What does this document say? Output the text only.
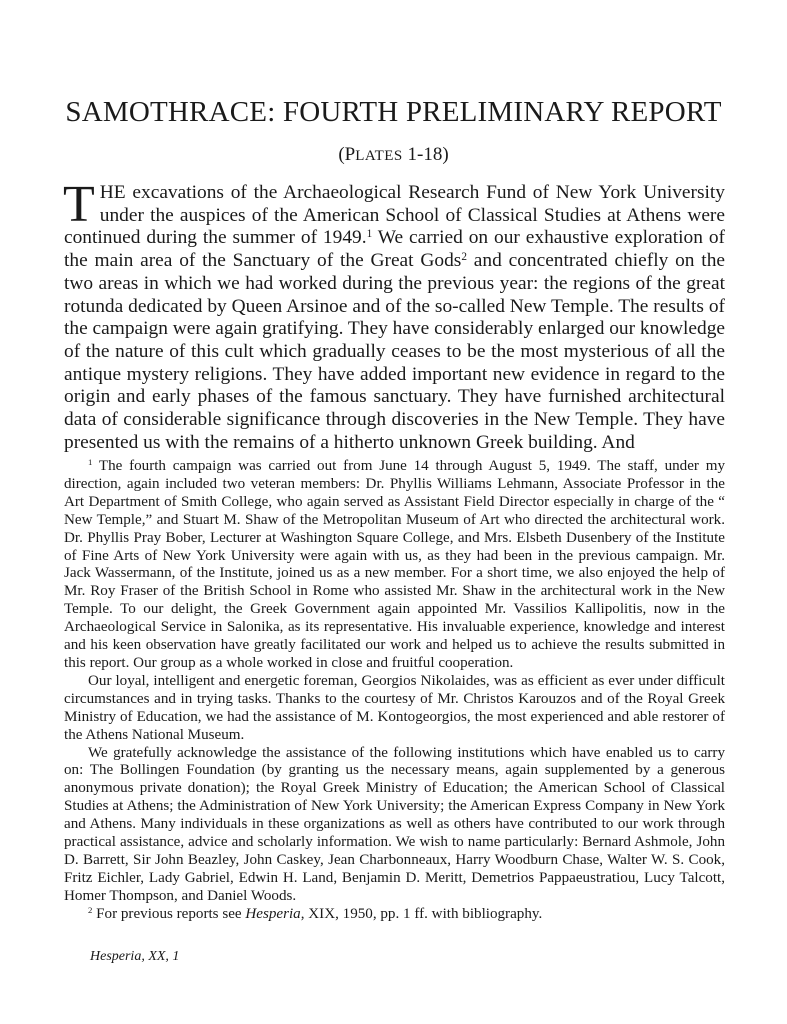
SAMOTHRACE: FOURTH PRELIMINARY REPORT
(PLATES 1-18)

THE excavations of the Archaeological Research Fund of New York University under the auspices of the American School of Classical Studies at Athens were continued during the summer of 1949.$^1$ We carried on our exhaustive exploration of the main area of the Sanctuary of the Great Gods$^2$ and concentrated chiefly on the two areas in which we had worked during the previous year: the regions of the great rotunda dedicated by Queen Arsinoe and of the so-called New Temple. The results of the campaign were again gratifying. They have considerably enlarged our knowledge of the nature of this cult which gradually ceases to be the most mysterious of all the antique mystery religions. They have added important new evidence in regard to the origin and early phases of the famous sanctuary. They have furnished architectural data of considerable significance through discoveries in the New Temple. They have presented us with the remains of a hitherto unknown Greek building. And

$^1$ The fourth campaign was carried out from June 14 through August 5, 1949. The staff, under my direction, again included two veteran members: Dr. Phyllis Williams Lehmann, Associate Professor in the Art Department of Smith College, who again served as Assistant Field Director especially in charge of the “ New Temple,” and Stuart M. Shaw of the Metropolitan Museum of Art who directed the architectural work. Dr. Phyllis Pray Bober, Lecturer at Washington Square College, and Mrs. Elsbeth Dusenbery of the Institute of Fine Arts of New York University were again with us, as they had been in the previous campaign. Mr. Jack Wassermann, of the Institute, joined us as a new member. For a short time, we also enjoyed the help of Mr. Roy Fraser of the British School in Rome who assisted Mr. Shaw in the architectural work in the New Temple. To our delight, the Greek Government again appointed Mr. Vassilios Kallipolitis, now in the Archaeological Service in Salonika, as its representative. His invaluable experience, knowledge and interest and his keen observation have greatly facilitated our work and helped us to achieve the results submitted in this report. Our group as a whole worked in close and fruitful cooperation.

Our loyal, intelligent and energetic foreman, Georgios Nikolaides, was as efficient as ever under difficult circumstances and in trying tasks. Thanks to the courtesy of Mr. Christos Karouzos and of the Royal Greek Ministry of Education, we had the assistance of M. Kontogeorgios, the most experienced and able restorer of the Athens National Museum.

We gratefully acknowledge the assistance of the following institutions which have enabled us to carry on: The Bollingen Foundation (by granting us the necessary means, again supplemented by a generous anonymous private donation); the Royal Greek Ministry of Education; the American School of Classical Studies at Athens; the Administration of New York University; the American Express Company in New York and Athens. Many individuals in these organizations as well as others have contributed to our work through practical assistance, advice and scholarly information. We wish to name particularly: Bernard Ashmole, John D. Barrett, Sir John Beazley, John Caskey, Jean Charbonneaux, Harry Woodburn Chase, Walter W. S. Cook, Fritz Eichler, Lady Gabriel, Edwin H. Land, Benjamin D. Meritt, Demetrios Pappaeustratiou, Lucy Talcott, Homer Thompson, and Daniel Woods.

$^2$ For previous reports see Hesperia, XIX, 1950, pp. 1 ff. with bibliography.

Hesperia, XX, 1
